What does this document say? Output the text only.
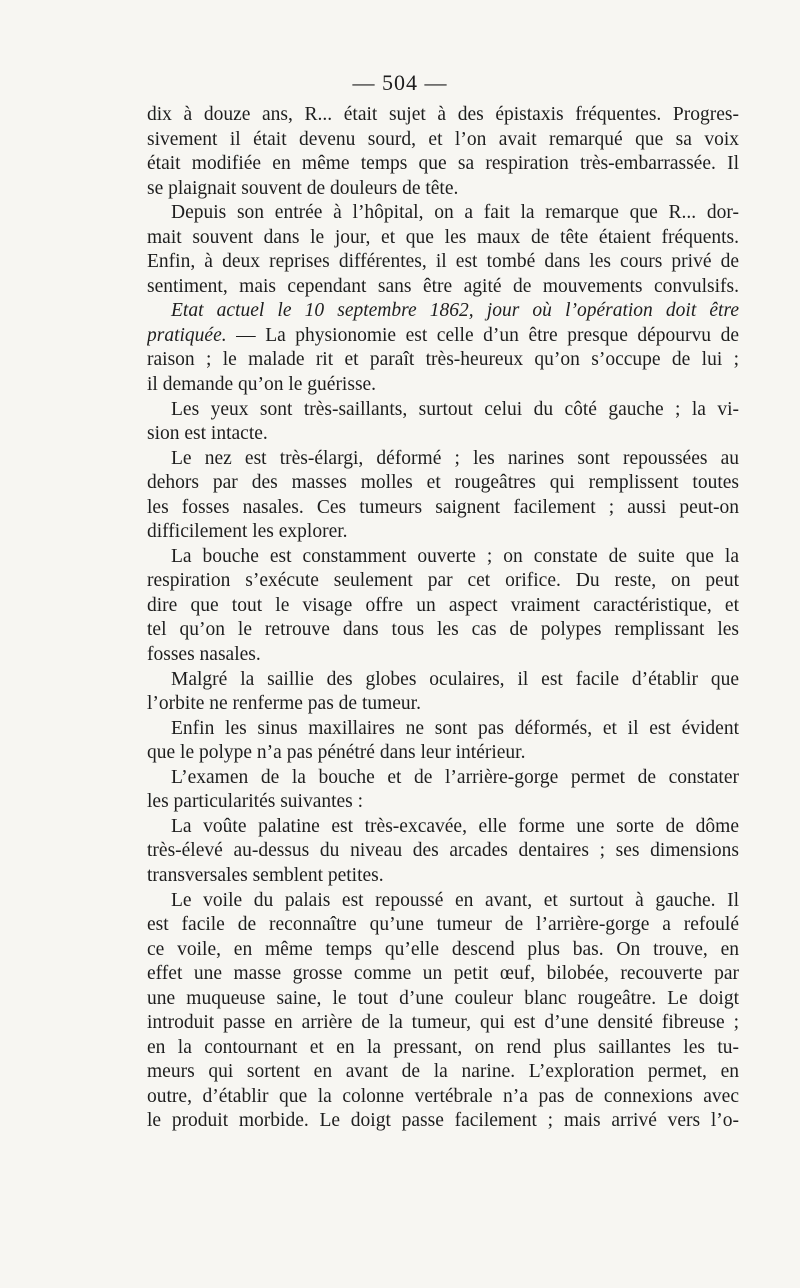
— 504 —
dix à douze ans, R... était sujet à des épistaxis fréquentes. Progres-
sivement il était devenu sourd, et l’on avait remarqué que sa voix
était modifiée en même temps que sa respiration très-embarrassée. Il
se plaignait souvent de douleurs de tête.
Depuis son entrée à l’hôpital, on a fait la remarque que R... dor-
mait souvent dans le jour, et que les maux de tête étaient fréquents.
Enfin, à deux reprises différentes, il est tombé dans les cours privé de
sentiment, mais cependant sans être agité de mouvements convulsifs.
Etat actuel le 10 septembre 1862, jour où l’opération doit être
pratiquée. — La physionomie est celle d’un être presque dépourvu de
raison ; le malade rit et paraît très-heureux qu’on s’occupe de lui ;
il demande qu’on le guérisse.
Les yeux sont très-saillants, surtout celui du côté gauche ; la vi-
sion est intacte.
Le nez est très-élargi, déformé ; les narines sont repoussées au
dehors par des masses molles et rougeâtres qui remplissent toutes
les fosses nasales. Ces tumeurs saignent facilement ; aussi peut-on
difficilement les explorer.
La bouche est constamment ouverte ; on constate de suite que la
respiration s’exécute seulement par cet orifice. Du reste, on peut
dire que tout le visage offre un aspect vraiment caractéristique, et
tel qu’on le retrouve dans tous les cas de polypes remplissant les
fosses nasales.
Malgré la saillie des globes oculaires, il est facile d’établir que
l’orbite ne renferme pas de tumeur.
Enfin les sinus maxillaires ne sont pas déformés, et il est évident
que le polype n’a pas pénétré dans leur intérieur.
L’examen de la bouche et de l’arrière-gorge permet de constater
les particularités suivantes :
La voûte palatine est très-excavée, elle forme une sorte de dôme
très-élevé au-dessus du niveau des arcades dentaires ; ses dimensions
transversales semblent petites.
Le voile du palais est repoussé en avant, et surtout à gauche. Il
est facile de reconnaître qu’une tumeur de l’arrière-gorge a refoulé
ce voile, en même temps qu’elle descend plus bas. On trouve, en
effet une masse grosse comme un petit œuf, bilobée, recouverte par
une muqueuse saine, le tout d’une couleur blanc rougeâtre. Le doigt
introduit passe en arrière de la tumeur, qui est d’une densité fibreuse ;
en la contournant et en la pressant, on rend plus saillantes les tu-
meurs qui sortent en avant de la narine. L’exploration permet, en
outre, d’établir que la colonne vertébrale n’a pas de connexions avec
le produit morbide. Le doigt passe facilement ; mais arrivé vers l’o-
